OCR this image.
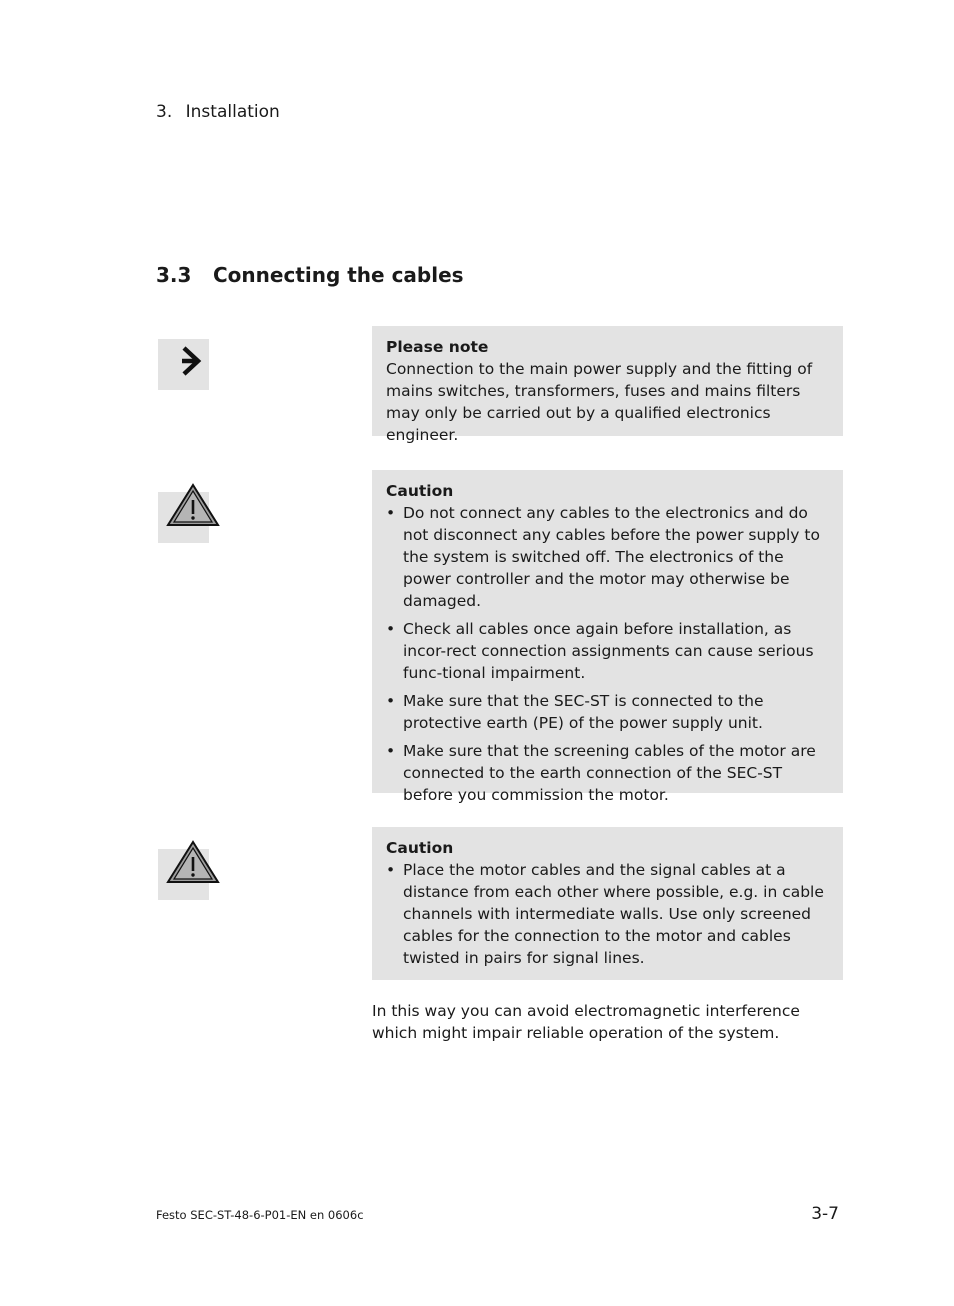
3. Installation
3.3 Connecting the cables
Please note
Connection to the main power supply and the fitting of mains switches, transformers, fuses and mains filters may only be carried out by a qualified electronics engineer.
Caution
• Do not connect any cables to the electronics and do not disconnect any cables before the power supply to the system is switched off. The electronics of the power controller and the motor may otherwise be damaged.
• Check all cables once again before installation, as incor-rect connection assignments can cause serious func-tional impairment.
• Make sure that the SEC-ST is connected to the protective earth (PE) of the power supply unit.
• Make sure that the screening cables of the motor are connected to the earth connection of the SEC-ST before you commission the motor.
Caution
• Place the motor cables and the signal cables at a distance from each other where possible, e.g. in cable channels with intermediate walls. Use only screened cables for the connection to the motor and cables twisted in pairs for signal lines.
In this way you can avoid electromagnetic interference which might impair reliable operation of the system.
Festo SEC-ST-48-6-P01-EN en 0606c	3-7
